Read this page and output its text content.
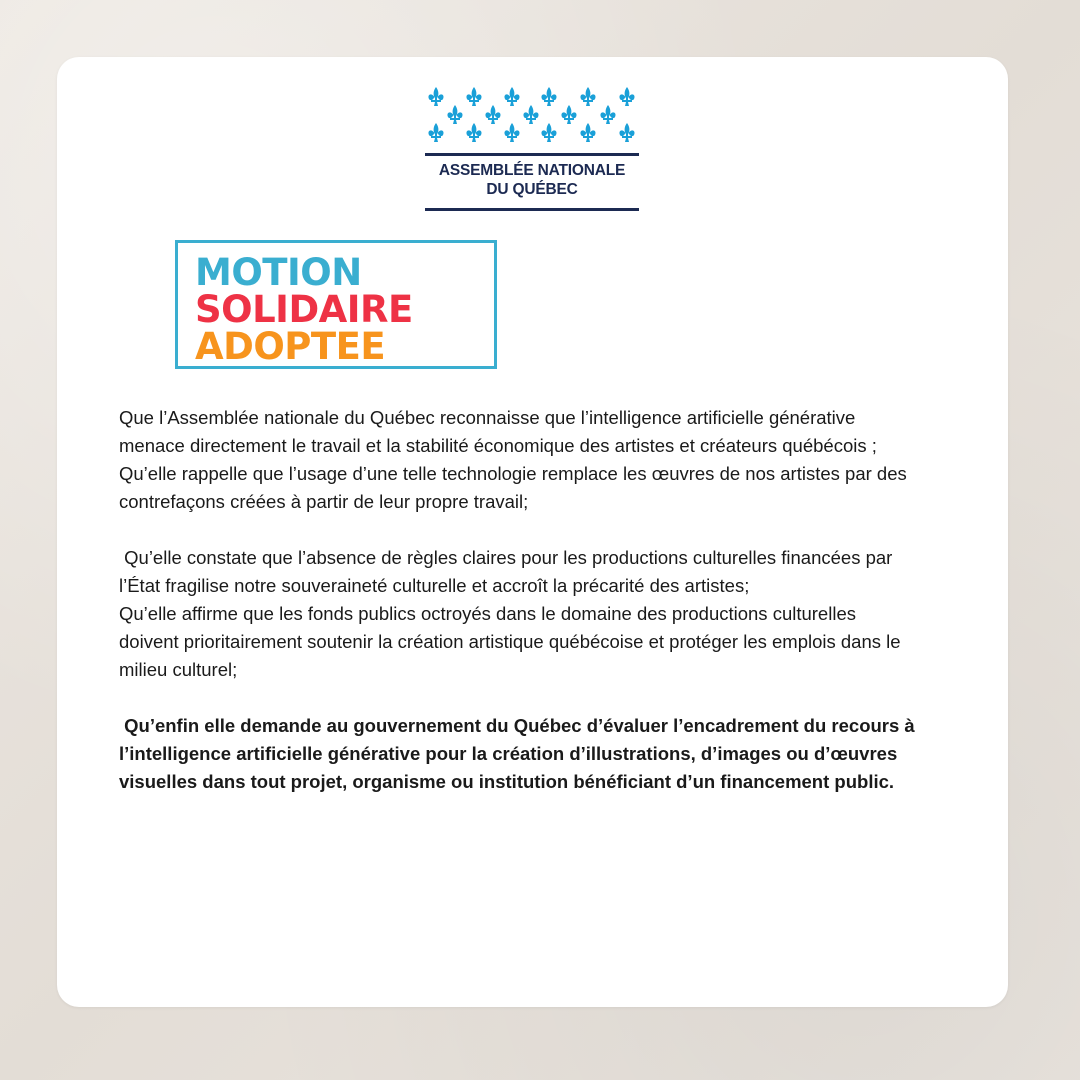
ASSEMBLÉE NATIONALE
DU QUÉBEC
MOTION
SOLIDAIRE
ADOPTEE

Que l’Assemblée nationale du Québec reconnaisse que l’intelligence artificielle générative menace directement le travail et la stabilité économique des artistes et créateurs québécois ;

Qu’elle rappelle que l’usage d’une telle technologie remplace les œuvres de nos artistes par des contrefaçons créées à partir de leur propre travail;

Qu’elle constate que l’absence de règles claires pour les productions culturelles financées par l’État fragilise notre souveraineté culturelle et accroît la précarité des artistes;

Qu’elle affirme que les fonds publics octroyés dans le domaine des productions culturelles doivent prioritairement soutenir la création artistique québécoise et protéger les emplois dans le milieu culturel;

Qu’enfin elle demande au gouvernement du Québec d’évaluer l’encadrement du recours à l’intelligence artificielle générative pour la création d’illustrations, d’images ou d’œuvres visuelles dans tout projet, organisme ou institution bénéficiant d’un financement public.
